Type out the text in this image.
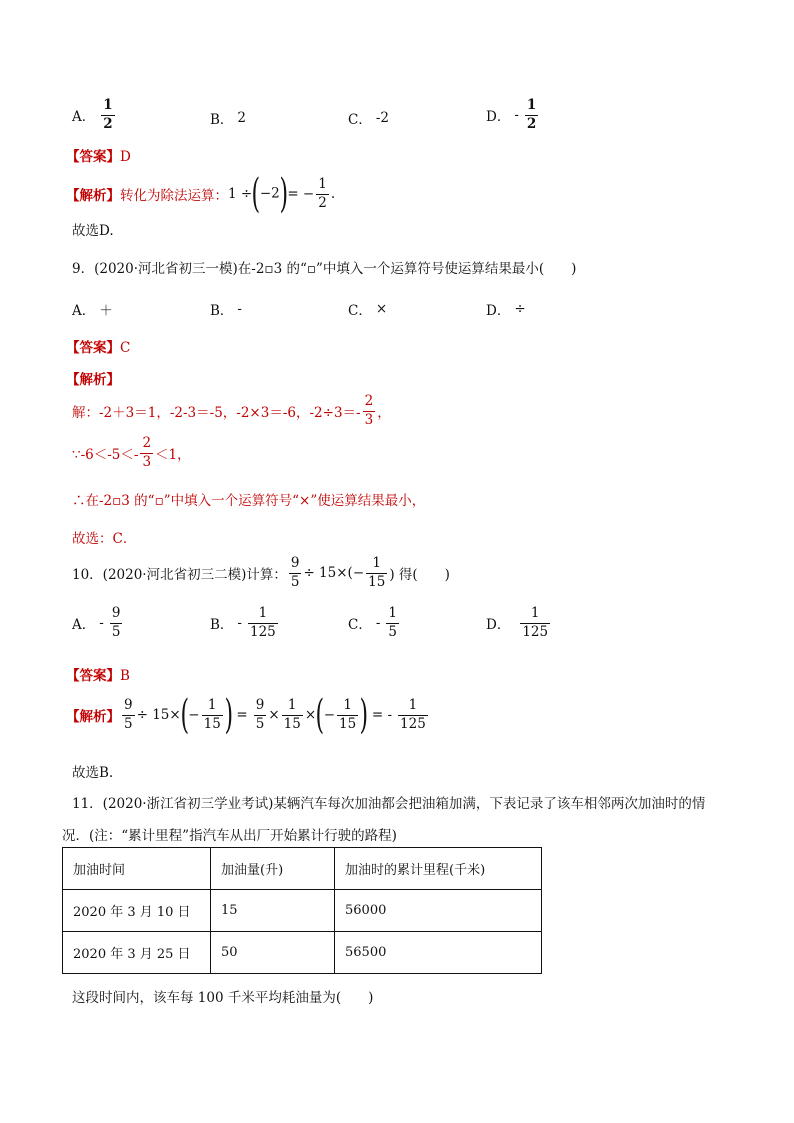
A． $\frac{1}{2}$	B． 2	C． -2	D． - $\frac{1}{2}$
【答案】D
【解析】 转化为除法运算： 1 ÷ (−2) = − $\frac{1}{2}$ .
故选D.
9．(2020·河北省初三一模)在-2▫3 的“▫”中填入一个运算符号使运算结果最小(　　)
A． ＋	B． -	C． ×	D． ÷
【答案】C
【解析】
解：-2＋3＝1，-2-3＝-5，-2×3＝-6，$-2\div 3=- \frac{2}{3}$ ，
∵-6＜-5＜- $\frac{2}{3} <1$，
∴在-2▫3 的“▫”中填入一个运算符号“×”使运算结果最小，
故选：C．
10．(2020·河北省初三二模)计算： $\frac{9}{5} \div 15\times(- \frac{1}{15}$ ) 得(　　)
A． - $\frac{9}{5}$	B． - $\frac{1}{125}$	C． - $\frac{1}{5}$	D． $\frac{1}{125}$
【答案】B
【解析】 $\frac{9}{5} \div 15\times$ ( − $\frac{1}{15}$ ) = $\frac{9}{5} \times \frac{1}{15}$ × ( − $\frac{1}{15}$ ) = - $\frac{1}{125}$
故选B.
11．(2020·浙江省初三学业考试)某辆汽车每次加油都会把油箱加满，下表记录了该车相邻两次加油时的情
况．(注：“累计里程”指汽车从出厂开始累计行驶的路程)
加油时间	加油量(升)	加油时的累计里程(千米)
2020 年 3 月 10 日	15	56000
2020 年 3 月 25 日	50	56500
这段时间内，该车每 100 千米平均耗油量为(　　)
